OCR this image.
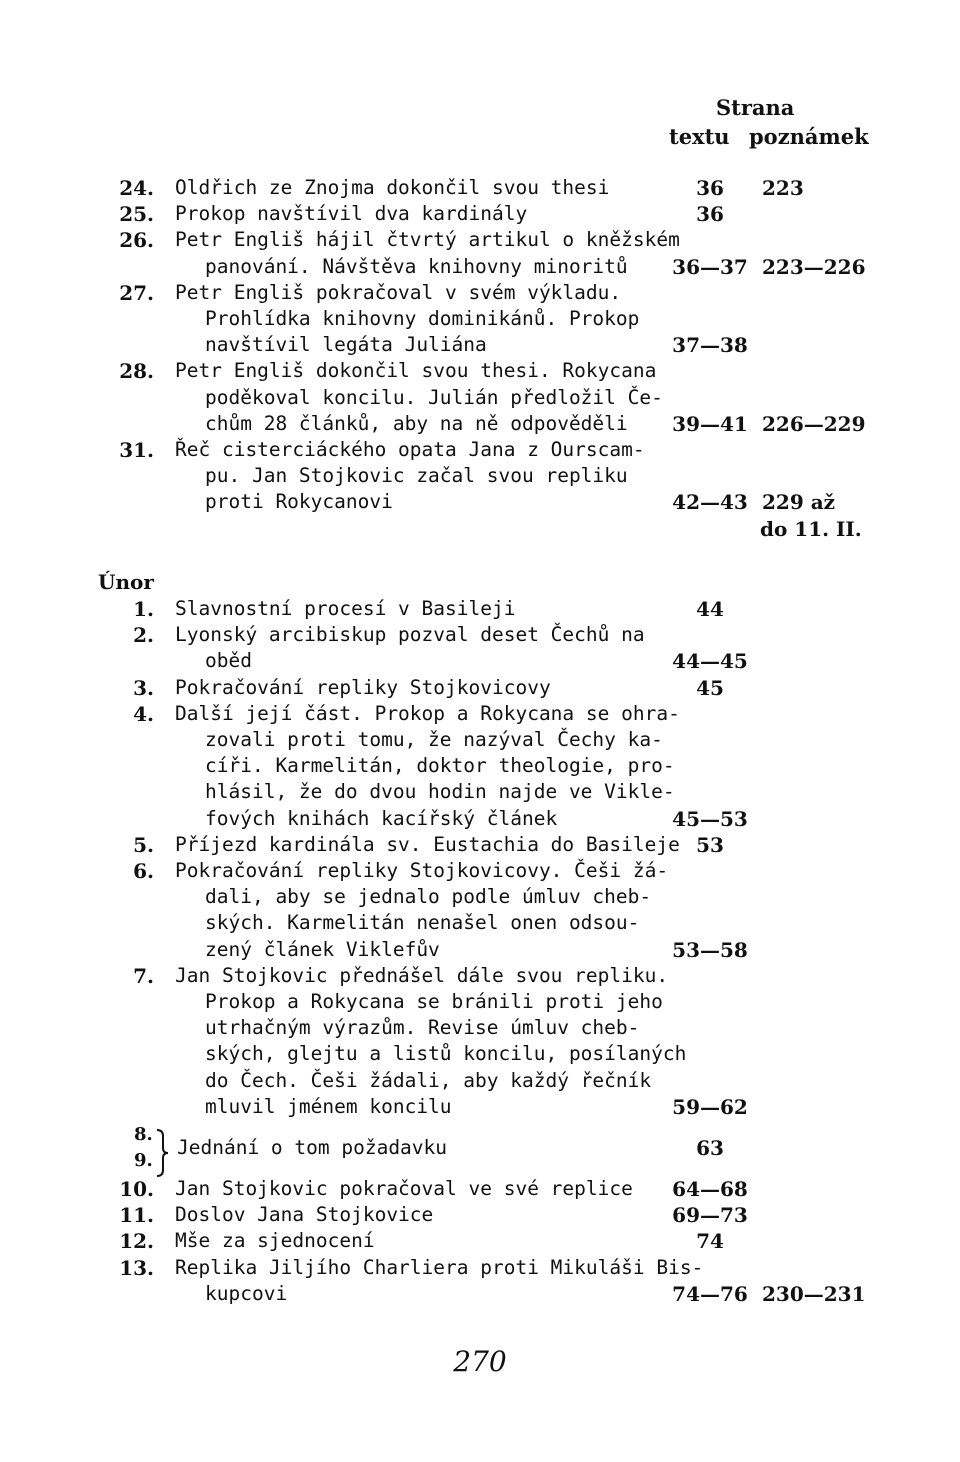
Strana
textu poznámek
24. Oldřich ze Znojma dokončil svou thesi	36	223
25. Prokop navštívil dva kardinály	36
26. Petr Engliš hájil čtvrtý artikul o kněžském
panování. Návštěva knihovny minoritů 36—37 223—226
27. Petr Engliš pokračoval v svém výkladu.
Prohlídka knihovny dominikánů. Prokop
navštívil legáta Juliána	37—38
28. Petr Engliš dokončil svou thesi. Rokycana
poděkoval koncilu. Julián předložil Če-
chům 28 článků, aby na ně odpověděli 39—41 226—229
31. Řeč cisterciáckého opata Jana z Ourscam-
pu. Jan Stojkovic začal svou repliku
proti Rokycanovi	42—43 229 až
do 11. II.
Únor
1. Slavnostní procesí v Basileji	44
2. Lyonský arcibiskup pozval deset Čechů na
oběd	44—45
3. Pokračování repliky Stojkovicovy	45
4. Další její část. Prokop a Rokycana se ohra-
zovali proti tomu, že nazýval Čechy ka-
cíři. Karmelitán, doktor theologie, pro-
hlásil, že do dvou hodin najde ve Vikle-
fových knihách kacířský článek	45—53
5. Příjezd kardinála sv. Eustachia do Basileje 53
6. Pokračování repliky Stojkovicovy. Češi žá-
dali, aby se jednalo podle úmluv cheb-
ských. Karmelitán nenašel onen odsou-
zený článek Viklefův	53—58
7. Jan Stojkovic přednášel dále svou repliku.
Prokop a Rokycana se bránili proti jeho
utrhačným výrazům. Revise úmluv cheb-
ských, glejtu a listů koncilu, posílaných
do Čech. Češi žádali, aby každý řečník
mluvil jménem koncilu	59—62
8.
9.
Jednání o tom požadavku	63
10. Jan Stojkovic pokračoval ve své replice 64—68
11. Doslov Jana Stojkovice	69—73
12. Mše za sjednocení	74
13. Replika Jiljího Charliera proti Mikuláši Bis-
kupcovi	74—76 230—231
270
